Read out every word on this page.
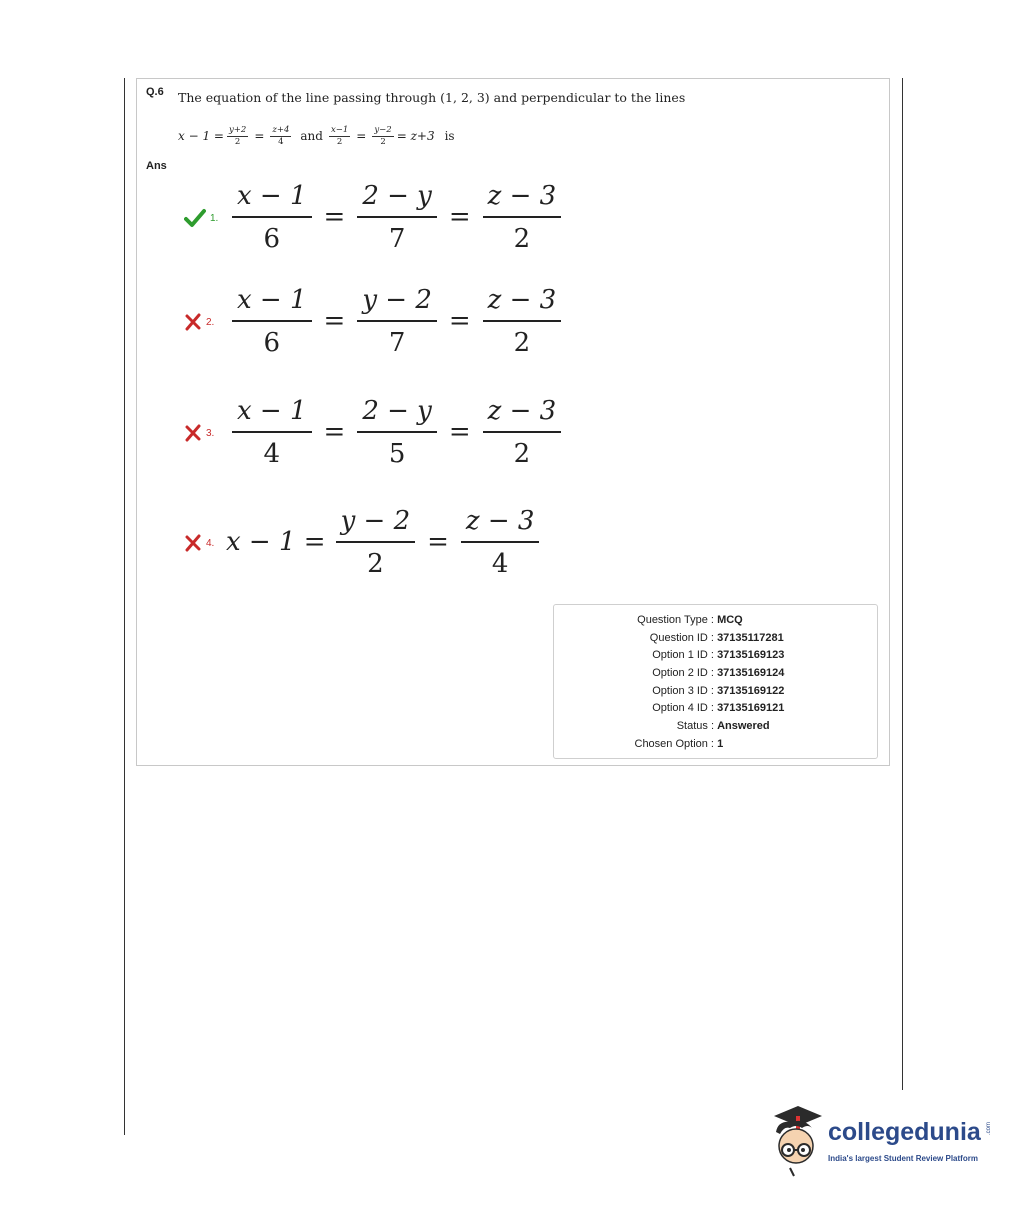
Q.6 The equation of the line passing through (1, 2, 3) and perpendicular to the lines
$x - 1 = \frac{y+2}{2} = \frac{z+4}{4}$ and $\frac{x-1}{2} = \frac{y-2}{2} = z+3$ is
Ans
1. $\frac{x - 1}{6} = \frac{2 - y}{7} = \frac{z - 3}{2}$
2. $\frac{x - 1}{6} = \frac{y - 2}{7} = \frac{z - 3}{2}$
3. $\frac{x - 1}{4} = \frac{2 - y}{5} = \frac{z - 3}{2}$
4. $x - 1 = \frac{y - 2}{2} = \frac{z - 3}{4}$
Question Type : MCQ
Question ID : 37135117281
Option 1 ID : 37135169123
Option 2 ID : 37135169124
Option 3 ID : 37135169122
Option 4 ID : 37135169121
Status : Answered
Chosen Option : 1
collegedunia .com
India's largest Student Review Platform
